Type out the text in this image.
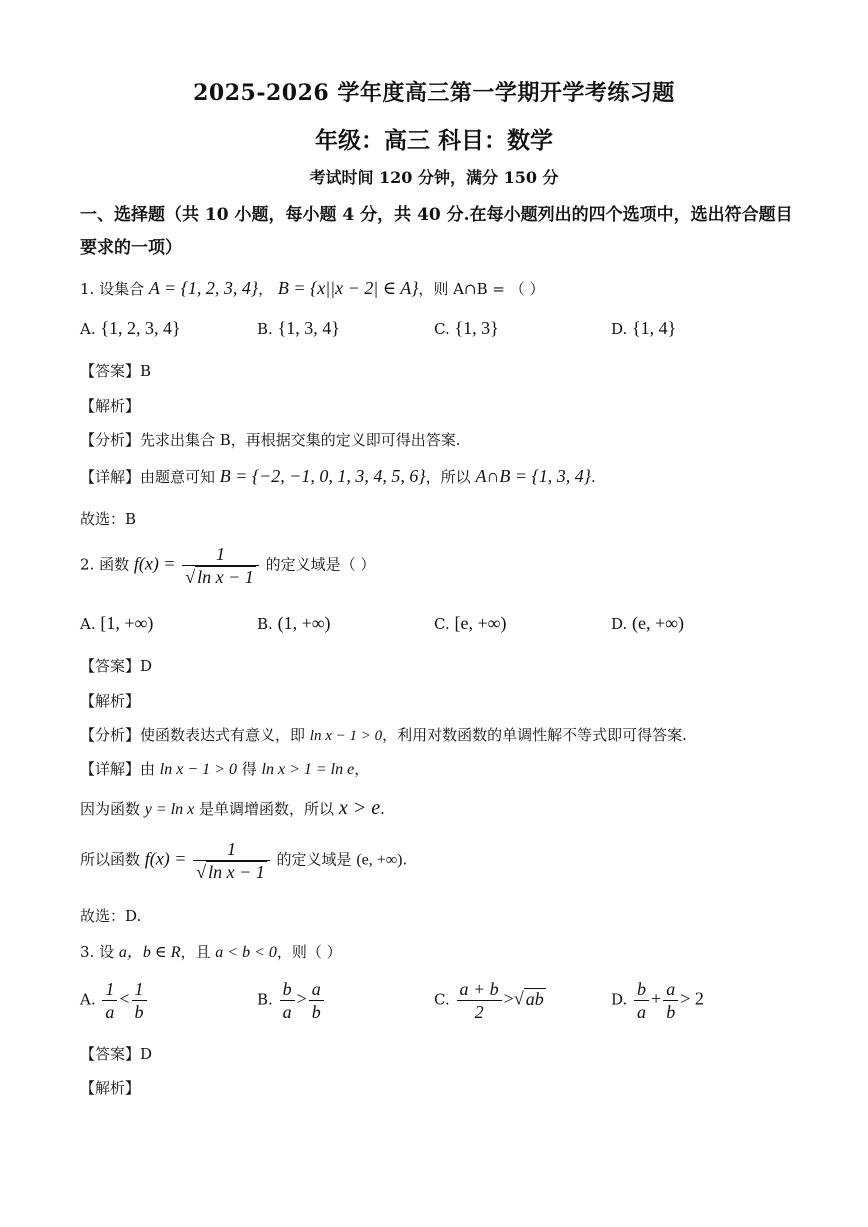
2025-2026 学年度高三第一学期开学考练习题
年级：高三 科目：数学
考试时间 120 分钟，满分 150 分
一、选择题（共 10 小题，每小题 4 分，共 40 分.在每小题列出的四个选项中，选出符合题目
要求的一项）
1. 设集合 A = {1, 2, 3, 4}， B = {x||x − 2| ∈ A}，则 A∩B = （ ）
A. {1, 2, 3, 4}	B. {1, 3, 4}	C. {1, 3}	D. {1, 4}
【答案】B
【解析】
【分析】先求出集合 B，再根据交集的定义即可得出答案.
【详解】由题意可知 B = {−2, −1, 0, 1, 3, 4, 5, 6}，所以 A∩B = {1, 3, 4}.
故选：B
2. 函数 $f(x) = \frac{1}{\text{√ ln x − 1}}$ 的定义域是（ ）
A. [1, +∞)	B. (1, +∞)	C. [e, +∞)	D. (e, +∞)
【答案】D
【解析】
【分析】使函数表达式有意义，即 ln x − 1 > 0，利用对数函数的单调性解不等式即可得答案.
【详解】由 ln x − 1 > 0 得 ln x > 1 = ln e，
因为函数 y = ln x 是单调增函数，所以 x > e.
所以函数 $f(x) = \frac{1}{\text{√ ln x − 1}}$ 的定义域是 (e, +∞).
故选：D.
3. 设 a，b ∈ R，且 a < b < 0，则（ ）
A. $\frac{1}{a} < \frac{1}{b}$	B. $\frac{b}{a} > \frac{a}{b}$	C. $\frac{a + b}{2}$ >√ ab	D. $\frac{b}{a} + \frac{a}{b} > 2$
【答案】D
【解析】
